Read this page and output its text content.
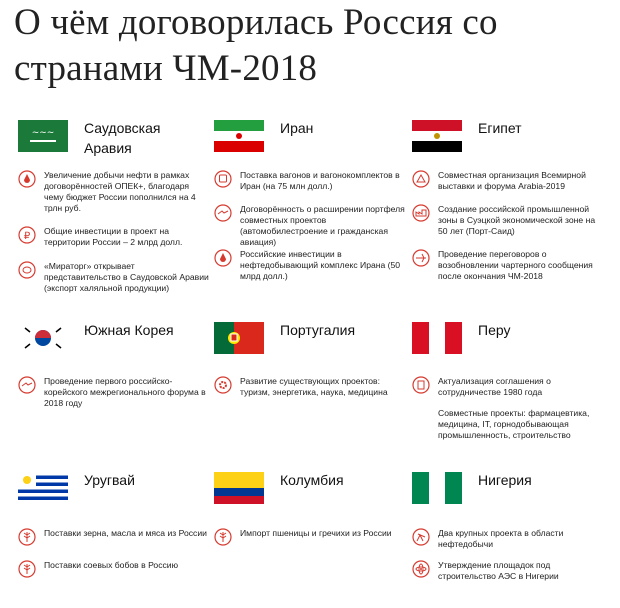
О чём договорилась Россия со странами ЧМ-2018
~~~ Саудовская Аравия
Увеличение добычи нефти в рамках договорённостей ОПЕК+, благодаря чему бюджет России пополнился на 4 трлн руб.
₽ Общие инвестиции в проект на территории России – 2 млрд долл.
«Мираторг» открывает представительство в Саудовской Аравии (экспорт халяльной продукции)
Иран
Поставка вагонов и вагонокомплектов в Иран (на 75 млн долл.)
Договорённость о расширении портфеля совместных проектов (автомобилестроение и гражданская авиация)
Российские инвестиции в нефтедобывающий комплекс Ирана (50 млрд долл.)
Египет
Совместная организация Всемирной выставки и форума Arabia-2019
Создание российской промышленной зоны в Суэцкой экономической зоне на 50 лет (Порт-Саид)
Проведение переговоров о возобновлении чартерного сообщения после окончания ЧМ-2018
Южная Корея
Проведение первого российско-корейского межрегионального форума в 2018 году
Португалия
Развитие существующих проектов: туризм, энергетика, наука, медицина
Перу
Актуализация соглашения о сотрудничестве 1980 года
Совместные проекты: фармацевтика, медицина, IT, горнодобывающая промышленность, строительство
Уругвай
Поставки зерна, масла и мяса из России
Поставки соевых бобов в Россию
Колумбия
Импорт пшеницы и гречихи из России
Нигерия
Два крупных проекта в области нефтедобычи
Утверждение площадок под строительство АЭС в Нигерии
